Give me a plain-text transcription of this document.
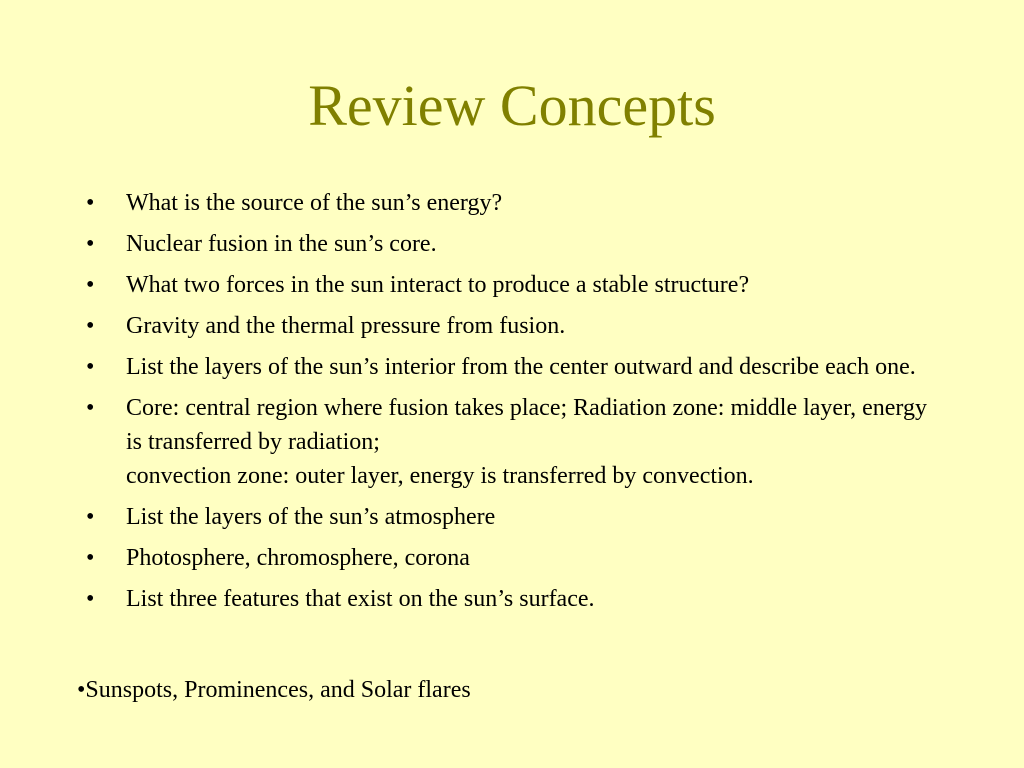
Review Concepts
•	What is the source of the sun’s energy?
•	Nuclear fusion in the sun’s core.
•	What two forces in the sun interact to produce a stable structure?
•	Gravity and the thermal pressure from fusion.
•	List the layers of the sun’s interior from the center outward and describe each one.
•	Core: central region where fusion takes place; Radiation zone: middle layer, energy is transferred by radiation;
convection zone: outer layer, energy is transferred by convection.
•	List the layers of the sun’s atmosphere
•	Photosphere, chromosphere, corona
•	List three features that exist on the sun’s surface.
•Sunspots, Prominences, and Solar flares
